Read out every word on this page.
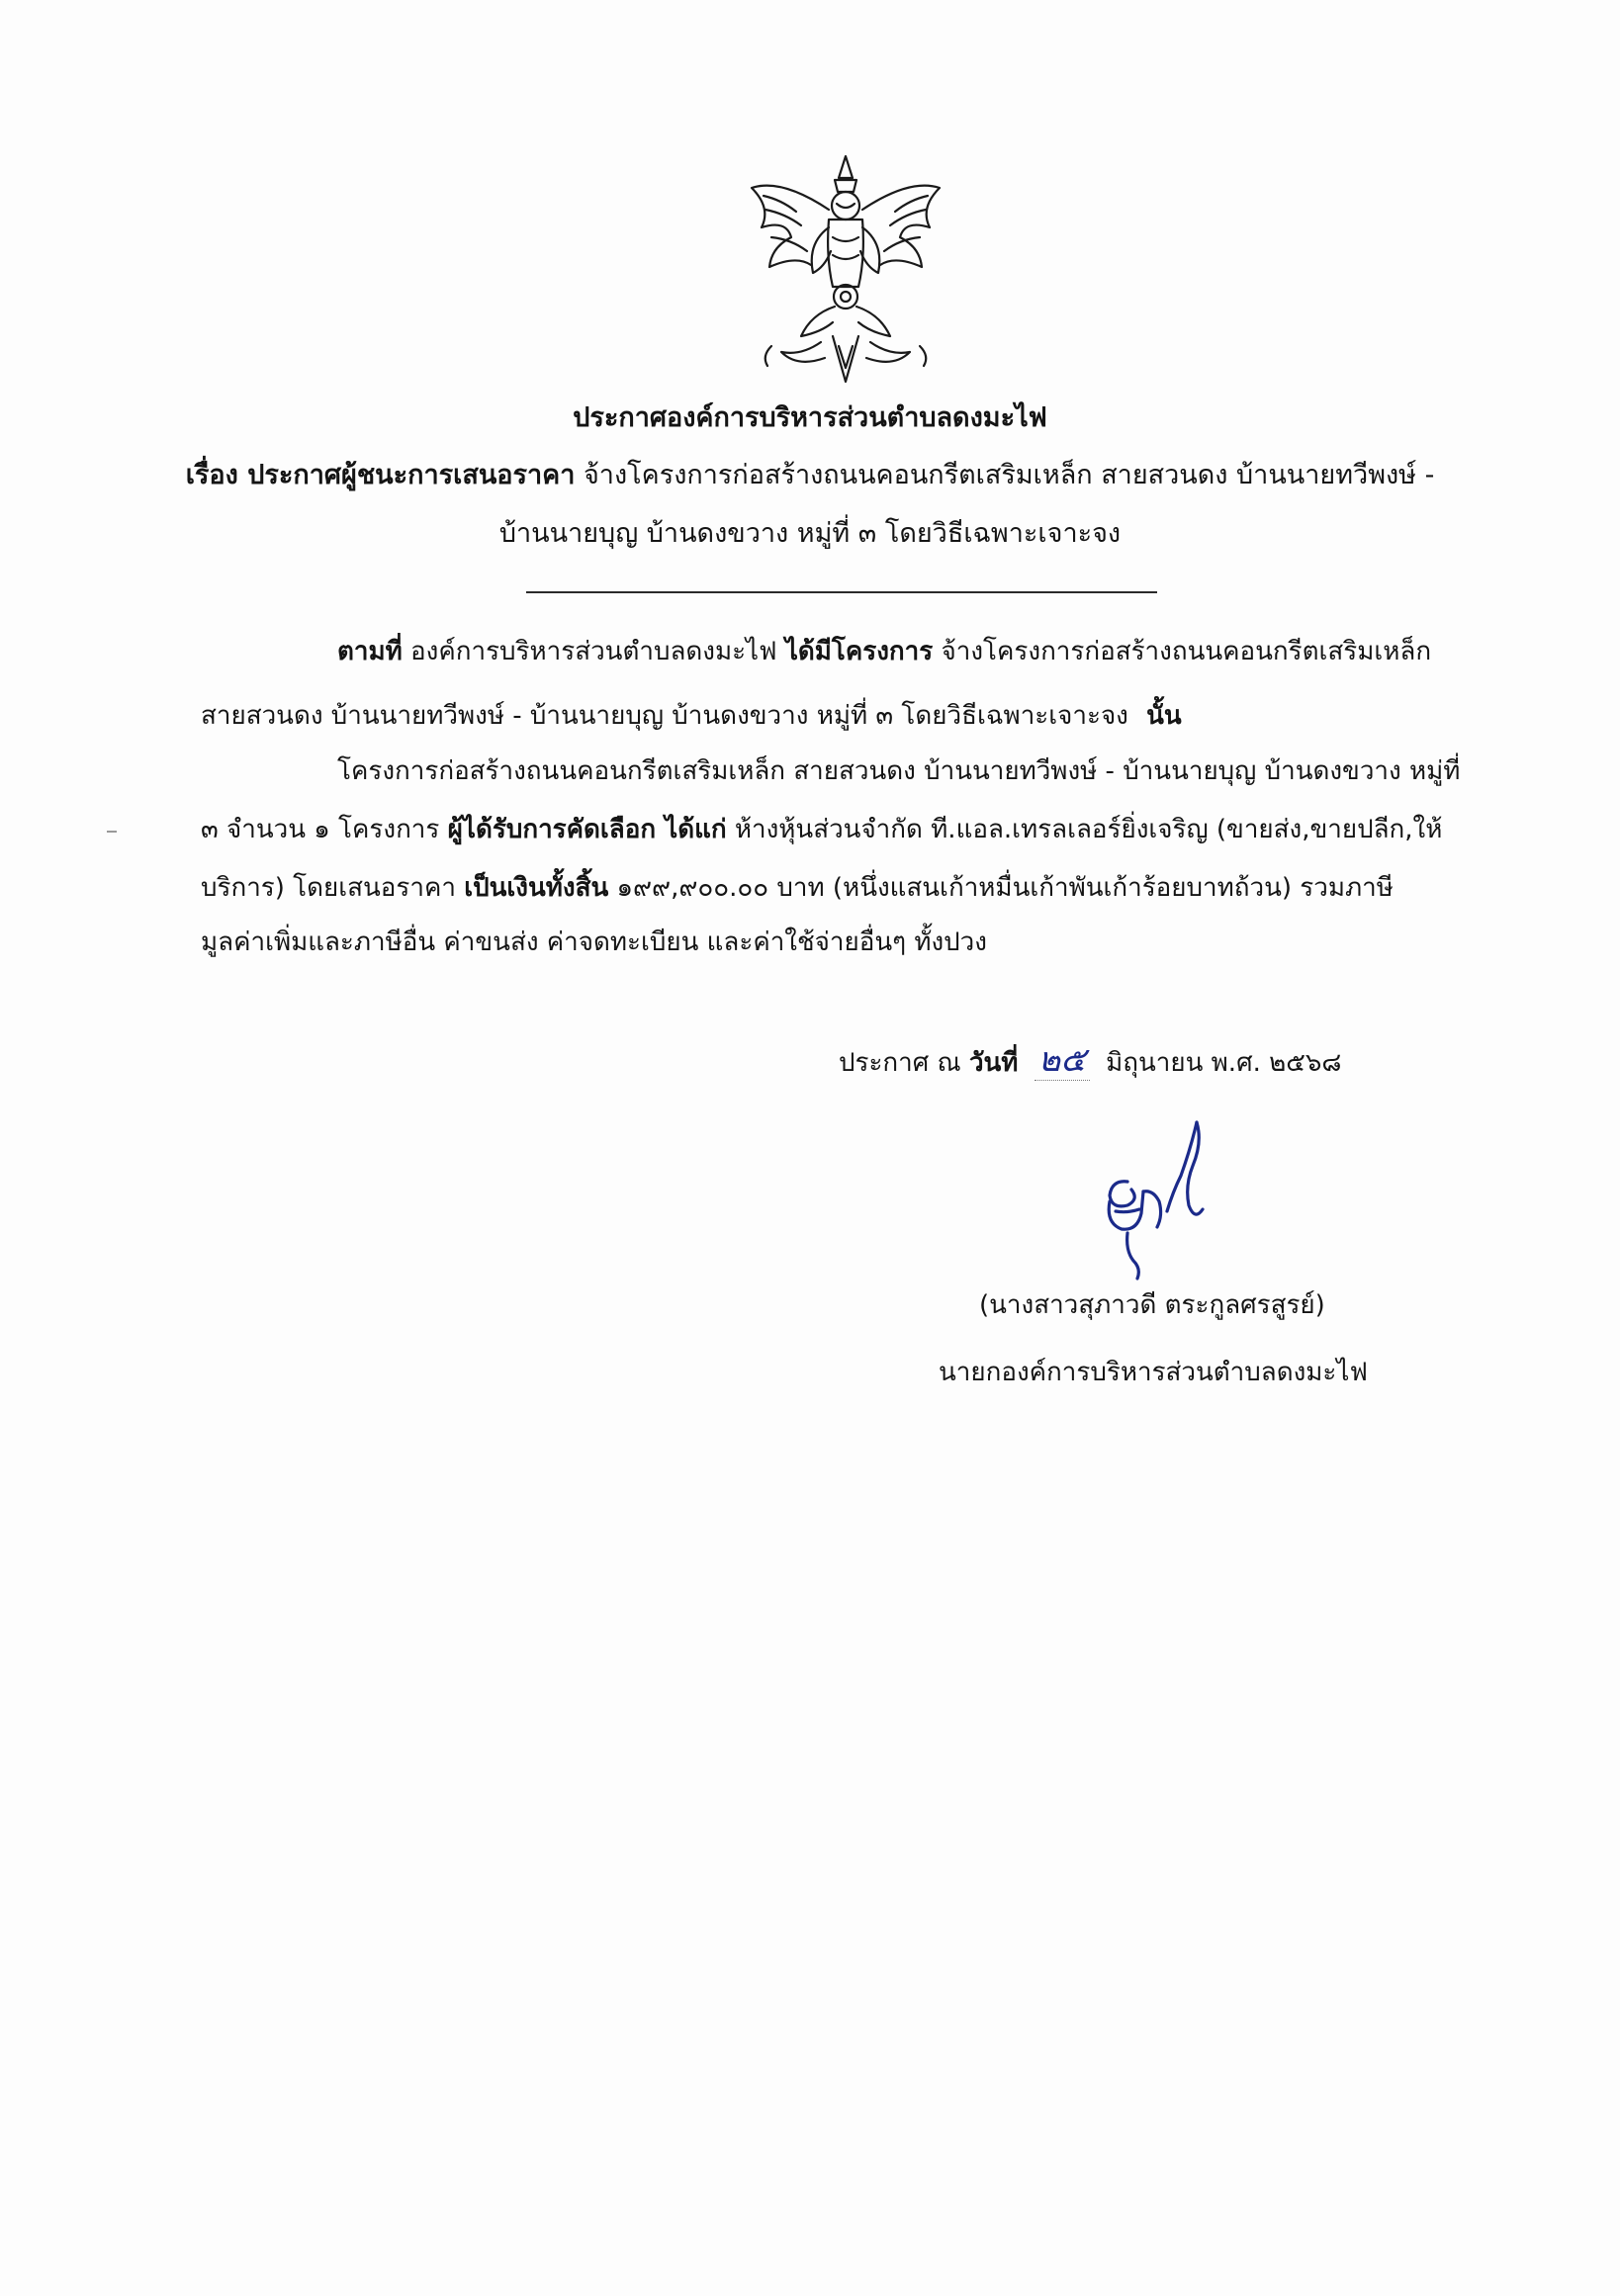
ประกาศองค์การบริหารส่วนตำบลดงมะไฟ
เรื่อง ประกาศผู้ชนะการเสนอราคา จ้างโครงการก่อสร้างถนนคอนกรีตเสริมเหล็ก สายสวนดง บ้านนายทวีพงษ์ -
บ้านนายบุญ บ้านดงขวาง หมู่ที่ ๓ โดยวิธีเฉพาะเจาะจง
ตามที่ องค์การบริหารส่วนตำบลดงมะไฟ ได้มีโครงการ จ้างโครงการก่อสร้างถนนคอนกรีตเสริมเหล็ก
สายสวนดง บ้านนายทวีพงษ์ - บ้านนายบุญ บ้านดงขวาง หมู่ที่ ๓ โดยวิธีเฉพาะเจาะจง นั้น
โครงการก่อสร้างถนนคอนกรีตเสริมเหล็ก สายสวนดง บ้านนายทวีพงษ์ - บ้านนายบุญ บ้านดงขวาง หมู่ที่
๓ จำนวน ๑ โครงการ ผู้ได้รับการคัดเลือก ได้แก่ ห้างหุ้นส่วนจำกัด ที.แอล.เทรลเลอร์ยิ่งเจริญ (ขายส่ง,ขายปลีก,ให้
บริการ) โดยเสนอราคา เป็นเงินทั้งสิ้น ๑๙๙,๙๐๐.๐๐ บาท (หนึ่งแสนเก้าหมื่นเก้าพันเก้าร้อยบาทถ้วน) รวมภาษี
มูลค่าเพิ่มและภาษีอื่น ค่าขนส่ง ค่าจดทะเบียน และค่าใช้จ่ายอื่นๆ ทั้งปวง
ประกาศ ณ วันที่ ๒๕ มิถุนายน พ.ศ. ๒๕๖๘
(นางสาวสุภาวดี ตระกูลศรสูรย์)
นายกองค์การบริหารส่วนตำบลดงมะไฟ
